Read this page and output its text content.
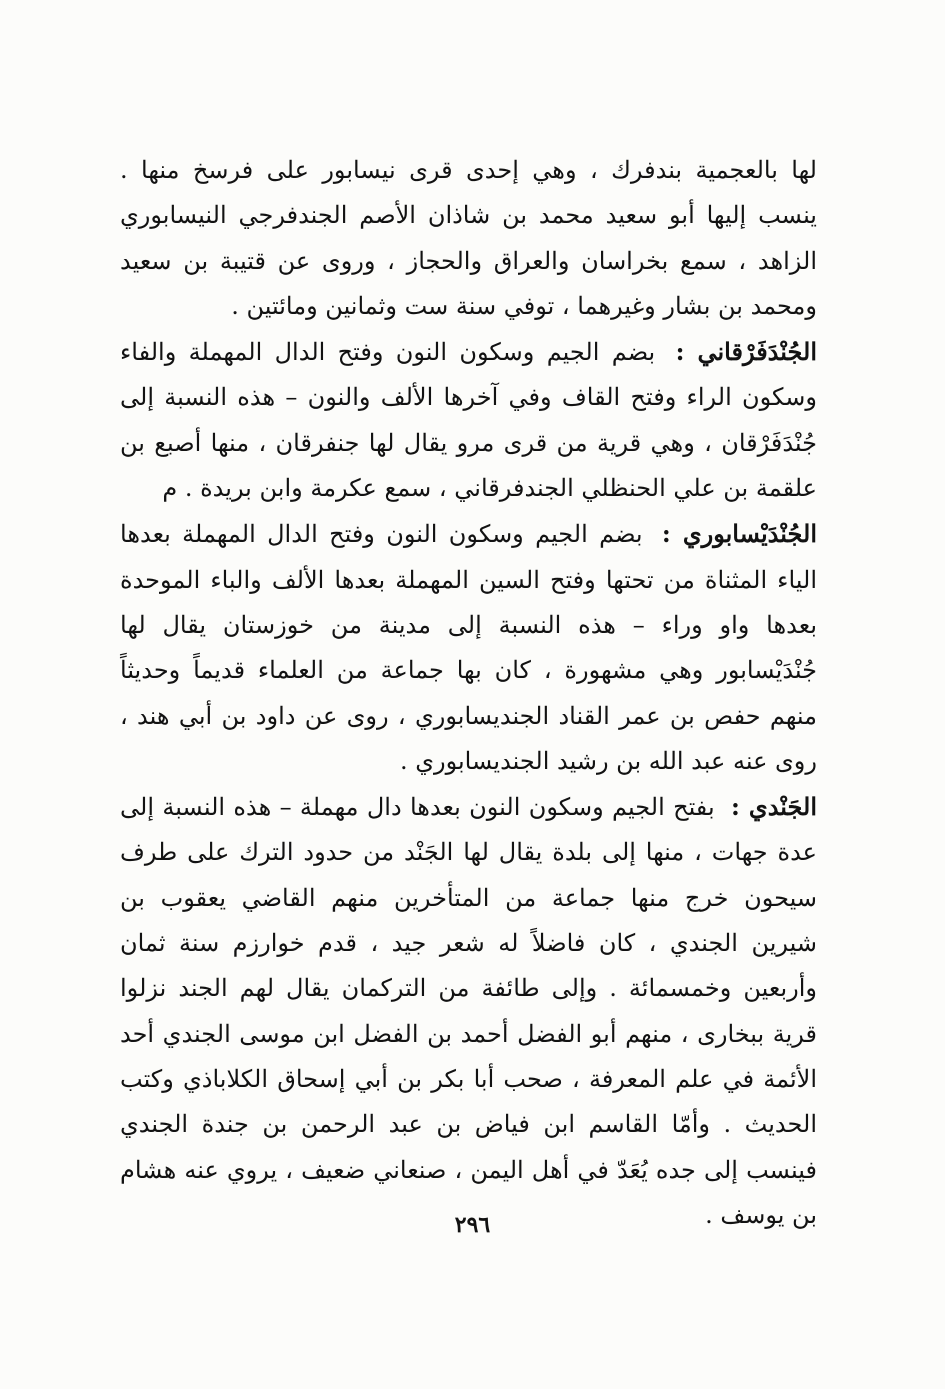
لها بالعجمية بندفرك ، وهي إحدى قرى نيسابور على فرسخ منها . ينسب إليها أبو سعيد محمد بن شاذان الأصم الجندفرجي النيسابوري الزاهد ، سمع بخراسان والعراق والحجاز ، وروى عن قتيبة بن سعيد ومحمد بن بشار وغيرهما ، توفي سنة ست وثمانين ومائتين .

الجُنْدَفَرْقاني : بضم الجيم وسكون النون وفتح الدال المهملة والفاء وسكون الراء وفتح القاف وفي آخرها الألف والنون – هذه النسبة إلى جُنْدَفَرْقان ، وهي قرية من قرى مرو يقال لها جنفرقان ، منها أصبع بن علقمة بن علي الحنظلي الجندفرقاني ، سمع عكرمة وابن بريدة . م

الجُنْدَيْسابوري : بضم الجيم وسكون النون وفتح الدال المهملة بعدها الياء المثناة من تحتها وفتح السين المهملة بعدها الألف والباء الموحدة بعدها واو وراء – هذه النسبة إلى مدينة من خوزستان يقال لها جُنْدَيْسابور وهي مشهورة ، كان بها جماعة من العلماء قديماً وحديثاً منهم حفص بن عمر القناد الجنديسابوري ، روى عن داود بن أبي هند ، روى عنه عبد الله بن رشيد الجنديسابوري .

الجَنْدي : بفتح الجيم وسكون النون بعدها دال مهملة – هذه النسبة إلى عدة جهات ، منها إلى بلدة يقال لها الجَنْد من حدود الترك على طرف سيحون خرج منها جماعة من المتأخرين منهم القاضي يعقوب بن شيرين الجندي ، كان فاضلاً له شعر جيد ، قدم خوارزم سنة ثمان وأربعين وخمسمائة . وإلى طائفة من التركمان يقال لهم الجند نزلوا قرية ببخارى ، منهم أبو الفضل أحمد بن الفضل ابن موسى الجندي أحد الأئمة في علم المعرفة ، صحب أبا بكر بن أبي إسحاق الكلاباذي وكتب الحديث . وأمّا القاسم ابن فياض بن عبد الرحمن بن جندة الجندي فينسب إلى جده يُعَدّ في أهل اليمن ، صنعاني ضعيف ، يروي عنه هشام بن يوسف .

٢٩٦
